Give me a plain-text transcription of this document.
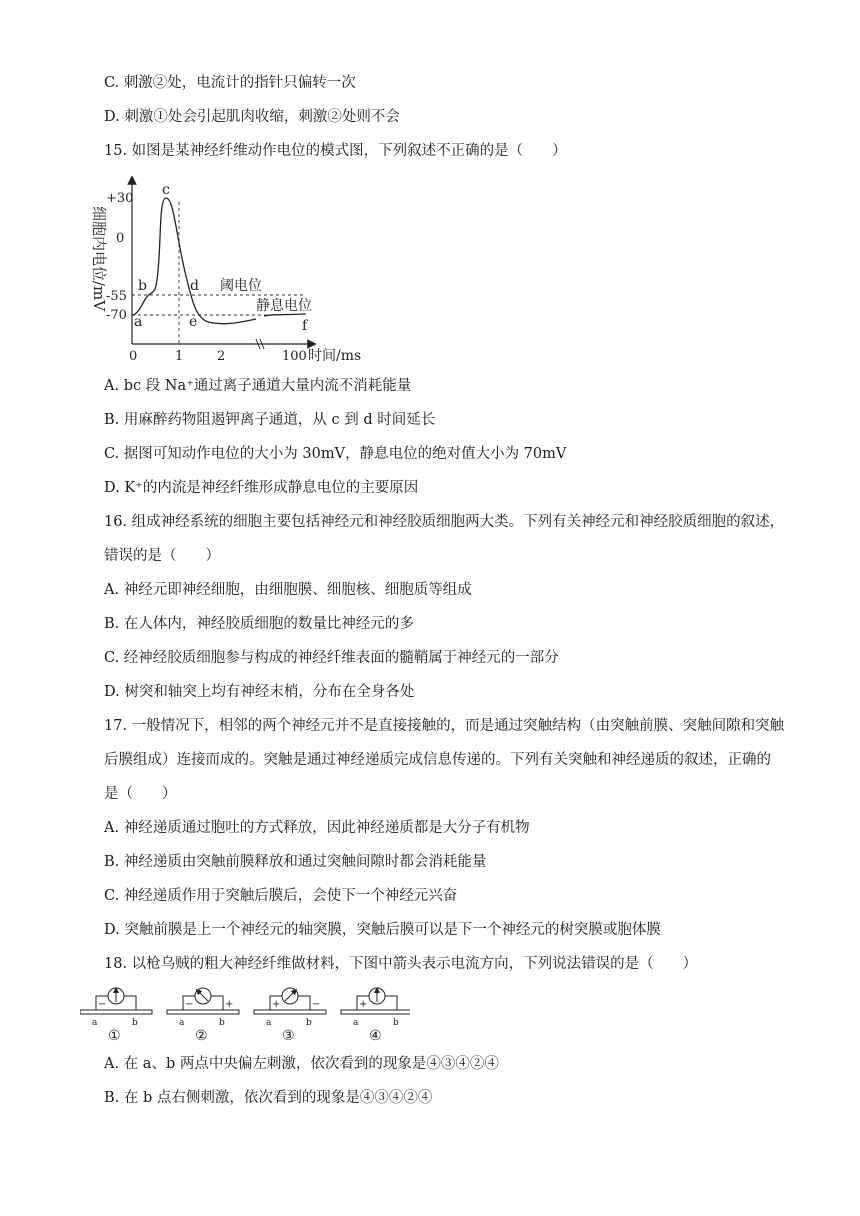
C. 刺激②处，电流计的指针只偏转一次
D. 刺激①处会引起肌肉收缩，刺激②处则不会
15. 如图是某神经纤维动作电位的模式图，下列叙述不正确的是（　　）
细胞内电位/mV
+30
0
-55
-70 a
b
c
d
e	f
阈电位
静息电位
0	1	2	100 时间/ms
A. bc 段 Na⁺通过离子通道大量内流不消耗能量
B. 用麻醉药物阻遏钾离子通道，从 c 到 d 时间延长
C. 据图可知动作电位的大小为 30mV，静息电位的绝对值大小为 70mV
D. K⁺的内流是神经纤维形成静息电位的主要原因
16. 组成神经系统的细胞主要包括神经元和神经胶质细胞两大类。下列有关神经元和神经胶质细胞的叙述，
错误的是（　　）
A. 神经元即神经细胞，由细胞膜、细胞核、细胞质等组成
B. 在人体内，神经胶质细胞的数量比神经元的多
C. 经神经胶质细胞参与构成的神经纤维表面的髓鞘属于神经元的一部分
D. 树突和轴突上均有神经末梢，分布在全身各处
17. 一般情况下，相邻的两个神经元并不是直接接触的，而是通过突触结构（由突触前膜、突触间隙和突触
后膜组成）连接而成的。突触是通过神经递质完成信息传递的。下列有关突触和神经递质的叙述，正确的
是（　　）
A. 神经递质通过胞吐的方式释放，因此神经递质都是大分子有机物
B. 神经递质由突触前膜释放和通过突触间隙时都会消耗能量
C. 神经递质作用于突触后膜后，会使下一个神经元兴奋
D. 突触前膜是上一个神经元的轴突膜，突触后膜可以是下一个神经元的树突膜或胞体膜
18. 以枪乌贼的粗大神经纤维做材料，下图中箭头表示电流方向，下列说法错误的是（　　）
−
a	b
①
−	+
a	b
②
+	−
a	b
③
+
a	b
④
A. 在 a、b 两点中央偏左刺激，依次看到的现象是④③④②④
B. 在 b 点右侧刺激，依次看到的现象是④③④②④
